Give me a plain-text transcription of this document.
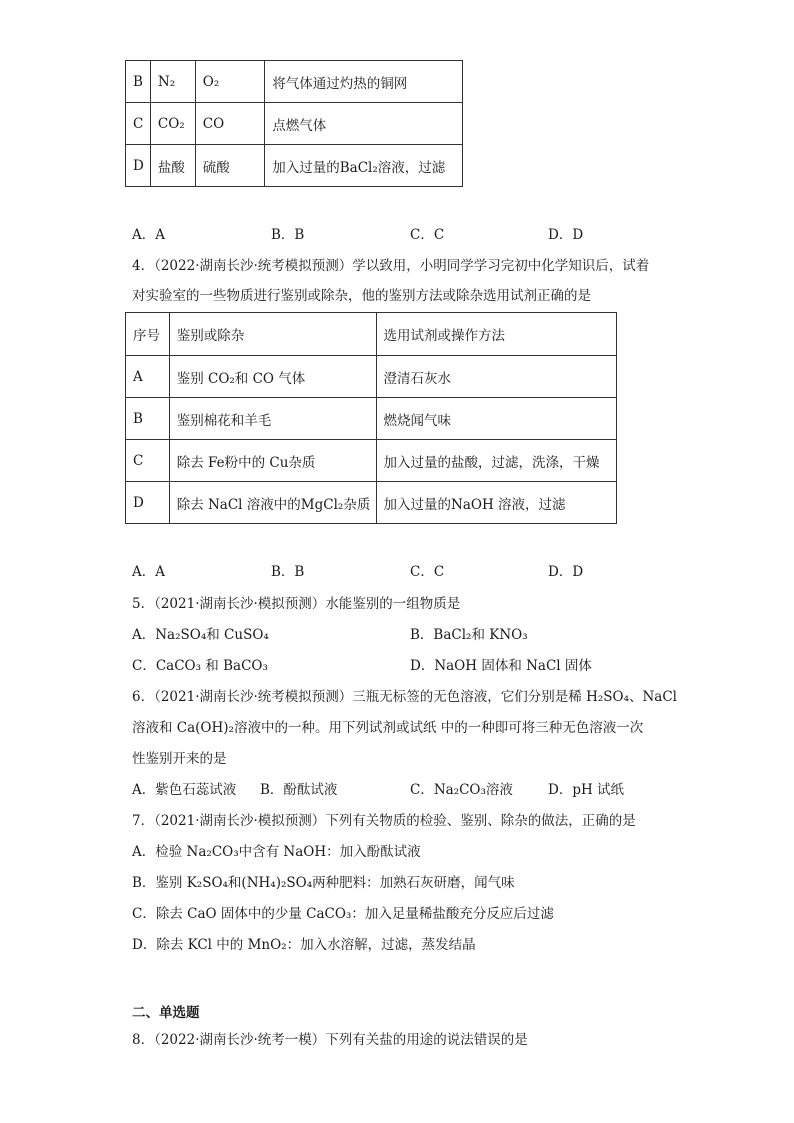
B	N₂	O₂	将气体通过灼热的铜网
C	CO₂	CO	点燃气体
D	盐酸	硫酸	加入过量的BaCl₂溶液，过滤
A．A	B．B	C．C	D．D
4．（2022·湖南长沙·统考模拟预测）学以致用，小明同学学习完初中化学知识后，试着
对实验室的一些物质进行鉴别或除杂，他的鉴别方法或除杂选用试剂正确的是
序号	鉴别或除杂	选用试剂或操作方法
A	鉴别 CO₂和 CO 气体	澄清石灰水
B	鉴别棉花和羊毛	燃烧闻气味
C	除去 Fe粉中的 Cu杂质	加入过量的盐酸，过滤，洗涤，干燥
D	除去 NaCl 溶液中的MgCl₂杂质	加入过量的NaOH 溶液，过滤
A．A	B．B	C．C	D．D
5．（2021·湖南长沙·模拟预测）水能鉴别的一组物质是
A．Na₂SO₄和 CuSO₄	B．BaCl₂和 KNO₃
C．CaCO₃ 和 BaCO₃	D．NaOH 固体和 NaCl 固体
6．（2021·湖南长沙·统考模拟预测）三瓶无标签的无色溶液，它们分别是稀 H₂SO₄、NaCl
溶液和 Ca(OH)₂溶液中的一种。用下列试剂或试纸 中的一种即可将三种无色溶液一次
性鉴别开来的是
A．紫色石蕊试液 B．酚酞试液	C．Na₂CO₃溶液	D．pH 试纸
7．（2021·湖南长沙·模拟预测）下列有关物质的检验、鉴别、除杂的做法，正确的是
A．检验 Na₂CO₃中含有 NaOH：加入酚酞试液
B．鉴别 K₂SO₄和(NH₄)₂SO₄两种肥料：加熟石灰研磨，闻气味
C．除去 CaO 固体中的少量 CaCO₃：加入足量稀盐酸充分反应后过滤
D．除去 KCl 中的 MnO₂：加入水溶解，过滤，蒸发结晶
二、单选题
8．（2022·湖南长沙·统考一模）下列有关盐的用途的说法错误的是
